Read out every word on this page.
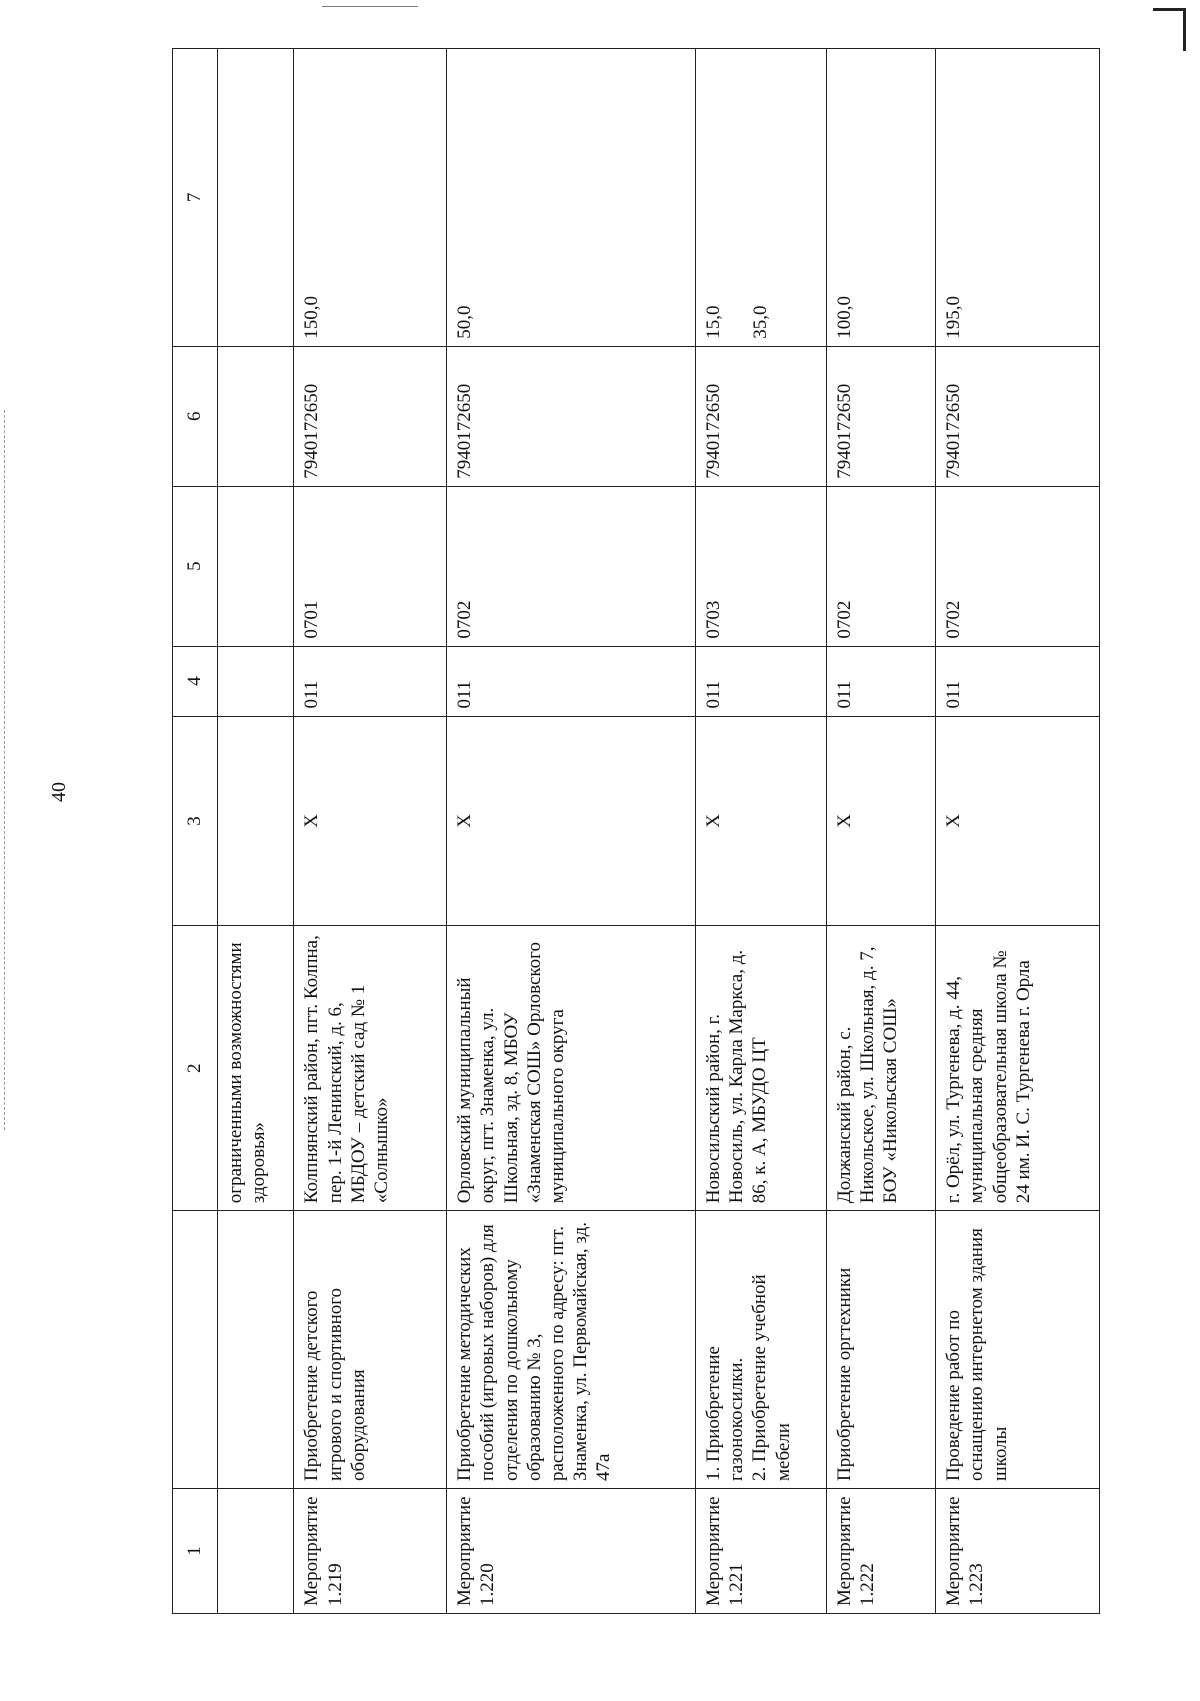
40
1		2	3	4	5	6	7
		ограниченными возможностями здоровья»					
Мероприятие 1.219	Приобретение детского игрового и спортивного оборудования	Колпнянский район, пгт. Колпна, пер. 1-й Ленинский, д. 6, МБДОУ – детский сад № 1 «Солнышко»	X	011	0701	7940172650	150,0
Мероприятие 1.220	Приобретение методических пособий (игровых наборов) для отделения по дошкольному образованию № 3, расположенного по адресу: пгт. Знаменка, ул. Первомайская, зд. 47а	Орловский муниципальный округ, пгт. Знаменка, ул. Школьная, зд. 8, МБОУ «Знаменская СОШ» Орловского муниципального округа	X	011	0702	7940172650	50,0
Мероприятие 1.221	1. Приобретение газонокосилки. 2. Приобретение учебной мебели	Новосильский район, г. Новосиль, ул. Карла Маркса, д. 86, к. А, МБУДО ЦТ	X	011	0703	7940172650	15,0 35,0

Мероприятие 1.222	Приобретение оргтехники	Должанский район, с. Никольское, ул. Школьная, д. 7, БОУ «Никольская СОШ»	X	011	0702	7940172650	100,0
Мероприятие 1.223	Проведение работ по оснащению интернетом здания школы	г. Орёл, ул. Тургенева, д. 44, муниципальная средняя общеобразовательная школа № 24 им. И. С. Тургенева г. Орла	X	011	0702	7940172650	195,0
